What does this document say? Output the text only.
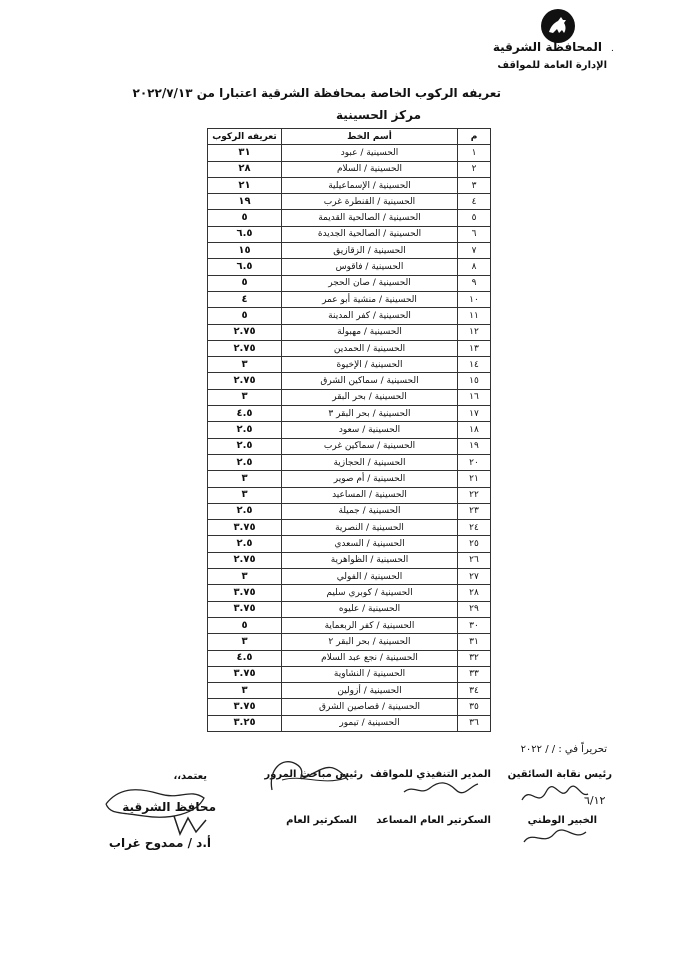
المحافظة الشرقية ٠
الإدارة العامة للمواقف
تعريفه الركوب الخاصة بمحافظة الشرقية اعتبارا من ٢٠٢٢/٧/١٣
مركز الحسينية
م	أسم الخط	تعريفه الركوب
١	الحسينية / عبود	٣١
٢	الحسينية / السلام	٢٨
٣	الحسينية / الإسماعيلية	٢١
٤	الحسينية / القنطرة غرب	١٩
٥	الحسينية / الصالحية القديمة	٥
٦	الحسينية / الصالحية الجديدة	٦.٥
٧	الحسينية / الزقازيق	١٥
٨	الحسينية / فاقوس	٦.٥
٩	الحسينية / صان الحجر	٥
١٠	الحسينية / منشية أبو عمر	٤
١١	الحسينية / كفر المدينة	٥
١٢	الحسينية / مهبولة	٢.٧٥
١٣	الحسينية / الحمدين	٢.٧٥
١٤	الحسينية / الإخيوة	٣
١٥	الحسينية / سماكين الشرق	٢.٧٥
١٦	الحسينية / بحر البقر	٣
١٧	الحسينية / بحر البقر ٣	٤.٥
١٨	الحسينية / سعود	٢.٥
١٩	الحسينية / سماكين غرب	٢.٥
٢٠	الحسينية / الحجازية	٢.٥
٢١	الحسينية / أم صوير	٣
٢٢	الحسينية / المساعيد	٣
٢٣	الحسينية / جميلة	٢.٥
٢٤	الحسينية / النصرية	٣.٧٥
٢٥	الحسينية / السعدي	٢.٥
٢٦	الحسينية / الظواهرية	٢.٧٥
٢٧	الحسينية / الفولي	٣
٢٨	الحسينية / كوبري سليم	٣.٧٥
٢٩	الحسينية / عليوه	٣.٧٥
٣٠	الحسينية / كفر الربعماية	٥
٣١	الحسينية / بحر البقر ٢	٣
٣٢	الحسينية / نجع عبد السلام	٤.٥
٣٣	الحسينية / النشاوية	٣.٧٥
٣٤	الحسينية / أزولين	٣
٣٥	الحسينية / قصاصين الشرق	٣.٧٥
٣٦	الحسينية / تيمور	٣.٢٥
تحريراً في : / / ٢٠٢٢
رئيس نقابة السائقين
المدير التنفيذي للمواقف
رئيس مباحث المرور
يعتمد،،
محافظ الشرقية
أ.د / ممدوح غراب
الخبير الوطني
السكرتير العام المساعد
السكرتير العام
٦/١٢
